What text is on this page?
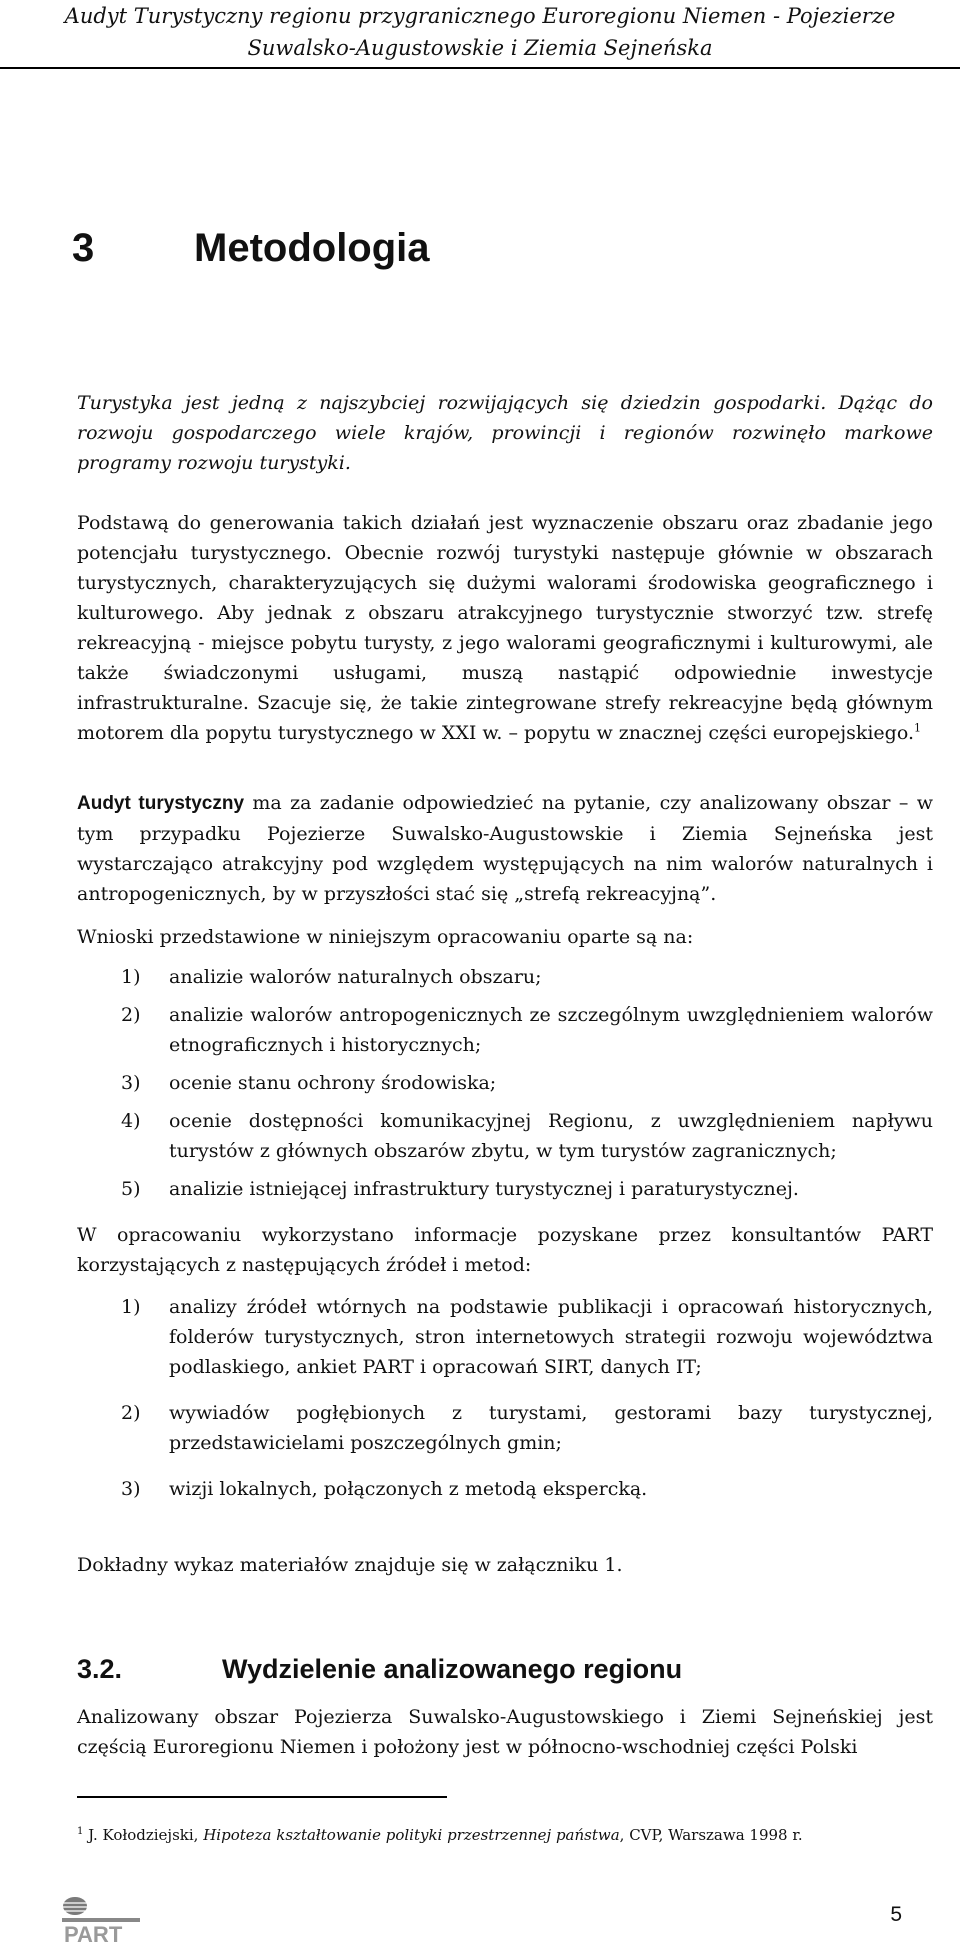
Audyt Turystyczny regionu przygranicznego Euroregionu Niemen - Pojezierze
Suwalsko-Augustowskie i Ziemia Sejneńska
3 Metodologia

Turystyka jest jedną z najszybciej rozwijających się dziedzin gospodarki. Dążąc do rozwoju gospodarczego wiele krajów, prowincji i regionów rozwinęło markowe programy rozwoju turystyki.

Podstawą do generowania takich działań jest wyznaczenie obszaru oraz zbadanie jego potencjału turystycznego. Obecnie rozwój turystyki następuje głównie w obszarach turystycznych, charakteryzujących się dużymi walorami środowiska geograficznego i kulturowego. Aby jednak z obszaru atrakcyjnego turystycznie stworzyć tzw. strefę rekreacyjną - miejsce pobytu turysty, z jego walorami geograficznymi i kulturowymi, ale także świadczonymi usługami, muszą nastąpić odpowiednie inwestycje infrastrukturalne. Szacuje się, że takie zintegrowane strefy rekreacyjne będą głównym motorem dla popytu turystycznego w XXI w. – popytu w znacznej części europejskiego.$^1$

Audyt turystyczny ma za zadanie odpowiedzieć na pytanie, czy analizowany obszar – w tym przypadku Pojezierze Suwalsko-Augustowskie i Ziemia Sejneńska jest wystarczająco atrakcyjny pod względem występujących na nim walorów naturalnych i antropogenicznych, by w przyszłości stać się „strefą rekreacyjną”.

Wnioski przedstawione w niniejszym opracowaniu oparte są na:

1) analizie walorów naturalnych obszaru;
2) analizie walorów antropogenicznych ze szczególnym uwzględnieniem walorów etnograficznych i historycznych;
3) ocenie stanu ochrony środowiska;
4) ocenie dostępności komunikacyjnej Regionu, z uwzględnieniem napływu turystów z głównych obszarów zbytu, w tym turystów zagranicznych;
5) analizie istniejącej infrastruktury turystycznej i paraturystycznej.

W opracowaniu wykorzystano informacje pozyskane przez konsultantów PART korzystających z następujących źródeł i metod:

1) analizy źródeł wtórnych na podstawie publikacji i opracowań historycznych, folderów turystycznych, stron internetowych strategii rozwoju województwa podlaskiego, ankiet PART i opracowań SIRT, danych IT;
2) wywiadów pogłębionych z turystami, gestorami bazy turystycznej, przedstawicielami poszczególnych gmin;
3) wizji lokalnych, połączonych z metodą ekspercką.

Dokładny wykaz materiałów znajduje się w załączniku 1.

3.2.	Wydzielenie analizowanego regionu

Analizowany obszar Pojezierza Suwalsko-Augustowskiego i Ziemi Sejneńskiej jest częścią Euroregionu Niemen i położony jest w północno-wschodniej części Polski

$^1$ J. Kołodziejski, Hipoteza kształtowanie polityki przestrzennej państwa, CVP, Warszawa 1998 r.
PART
5
